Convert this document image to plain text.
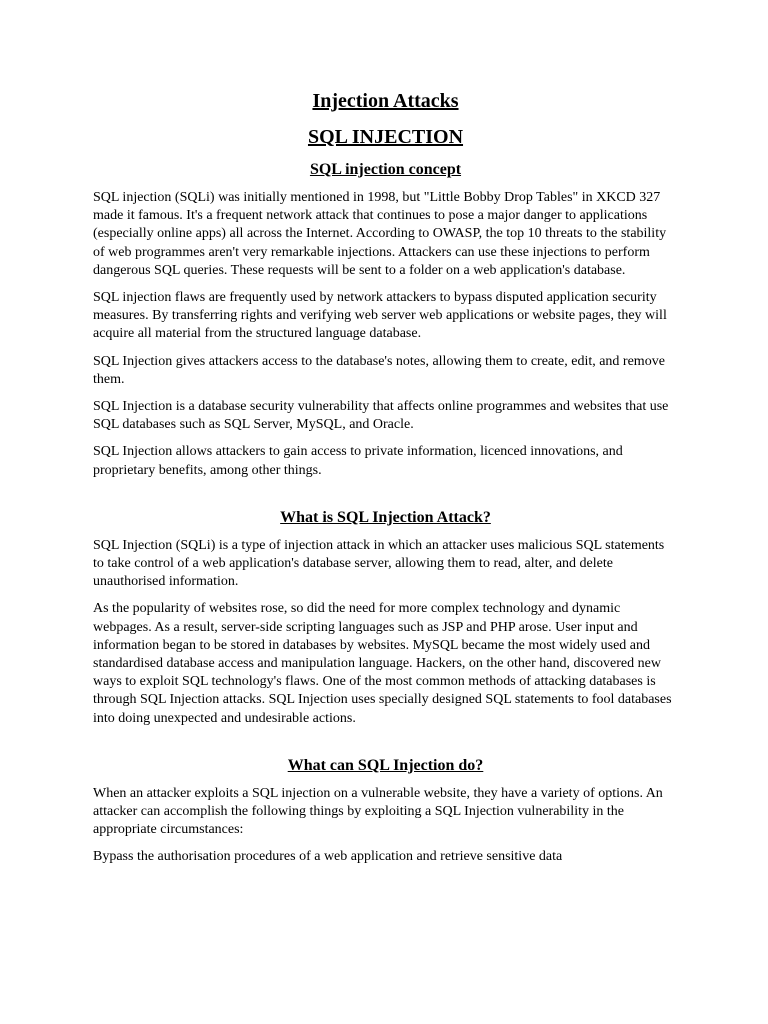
Injection Attacks
SQL INJECTION
SQL injection concept

SQL injection (SQLi) was initially mentioned in 1998, but "Little Bobby Drop Tables" in XKCD 327 made it famous. It's a frequent network attack that continues to pose a major danger to applications (especially online apps) all across the Internet. According to OWASP, the top 10 threats to the stability of web programmes aren't very remarkable injections. Attackers can use these injections to perform dangerous SQL queries. These requests will be sent to a folder on a web application's database.

SQL injection flaws are frequently used by network attackers to bypass disputed application security measures. By transferring rights and verifying web server web applications or website pages, they will acquire all material from the structured language database.

SQL Injection gives attackers access to the database's notes, allowing them to create, edit, and remove them.

SQL Injection is a database security vulnerability that affects online programmes and websites that use SQL databases such as SQL Server, MySQL, and Oracle.

SQL Injection allows attackers to gain access to private information, licenced innovations, and proprietary benefits, among other things.

What is SQL Injection Attack?

SQL Injection (SQLi) is a type of injection attack in which an attacker uses malicious SQL statements to take control of a web application's database server, allowing them to read, alter, and delete unauthorised information.

As the popularity of websites rose, so did the need for more complex technology and dynamic webpages. As a result, server-side scripting languages such as JSP and PHP arose. User input and information began to be stored in databases by websites. MySQL became the most widely used and standardised database access and manipulation language. Hackers, on the other hand, discovered new ways to exploit SQL technology's flaws. One of the most common methods of attacking databases is through SQL Injection attacks. SQL Injection uses specially designed SQL statements to fool databases into doing unexpected and undesirable actions.

What can SQL Injection do?

When an attacker exploits a SQL injection on a vulnerable website, they have a variety of options. An attacker can accomplish the following things by exploiting a SQL Injection vulnerability in the appropriate circumstances:

Bypass the authorisation procedures of a web application and retrieve sensitive data
